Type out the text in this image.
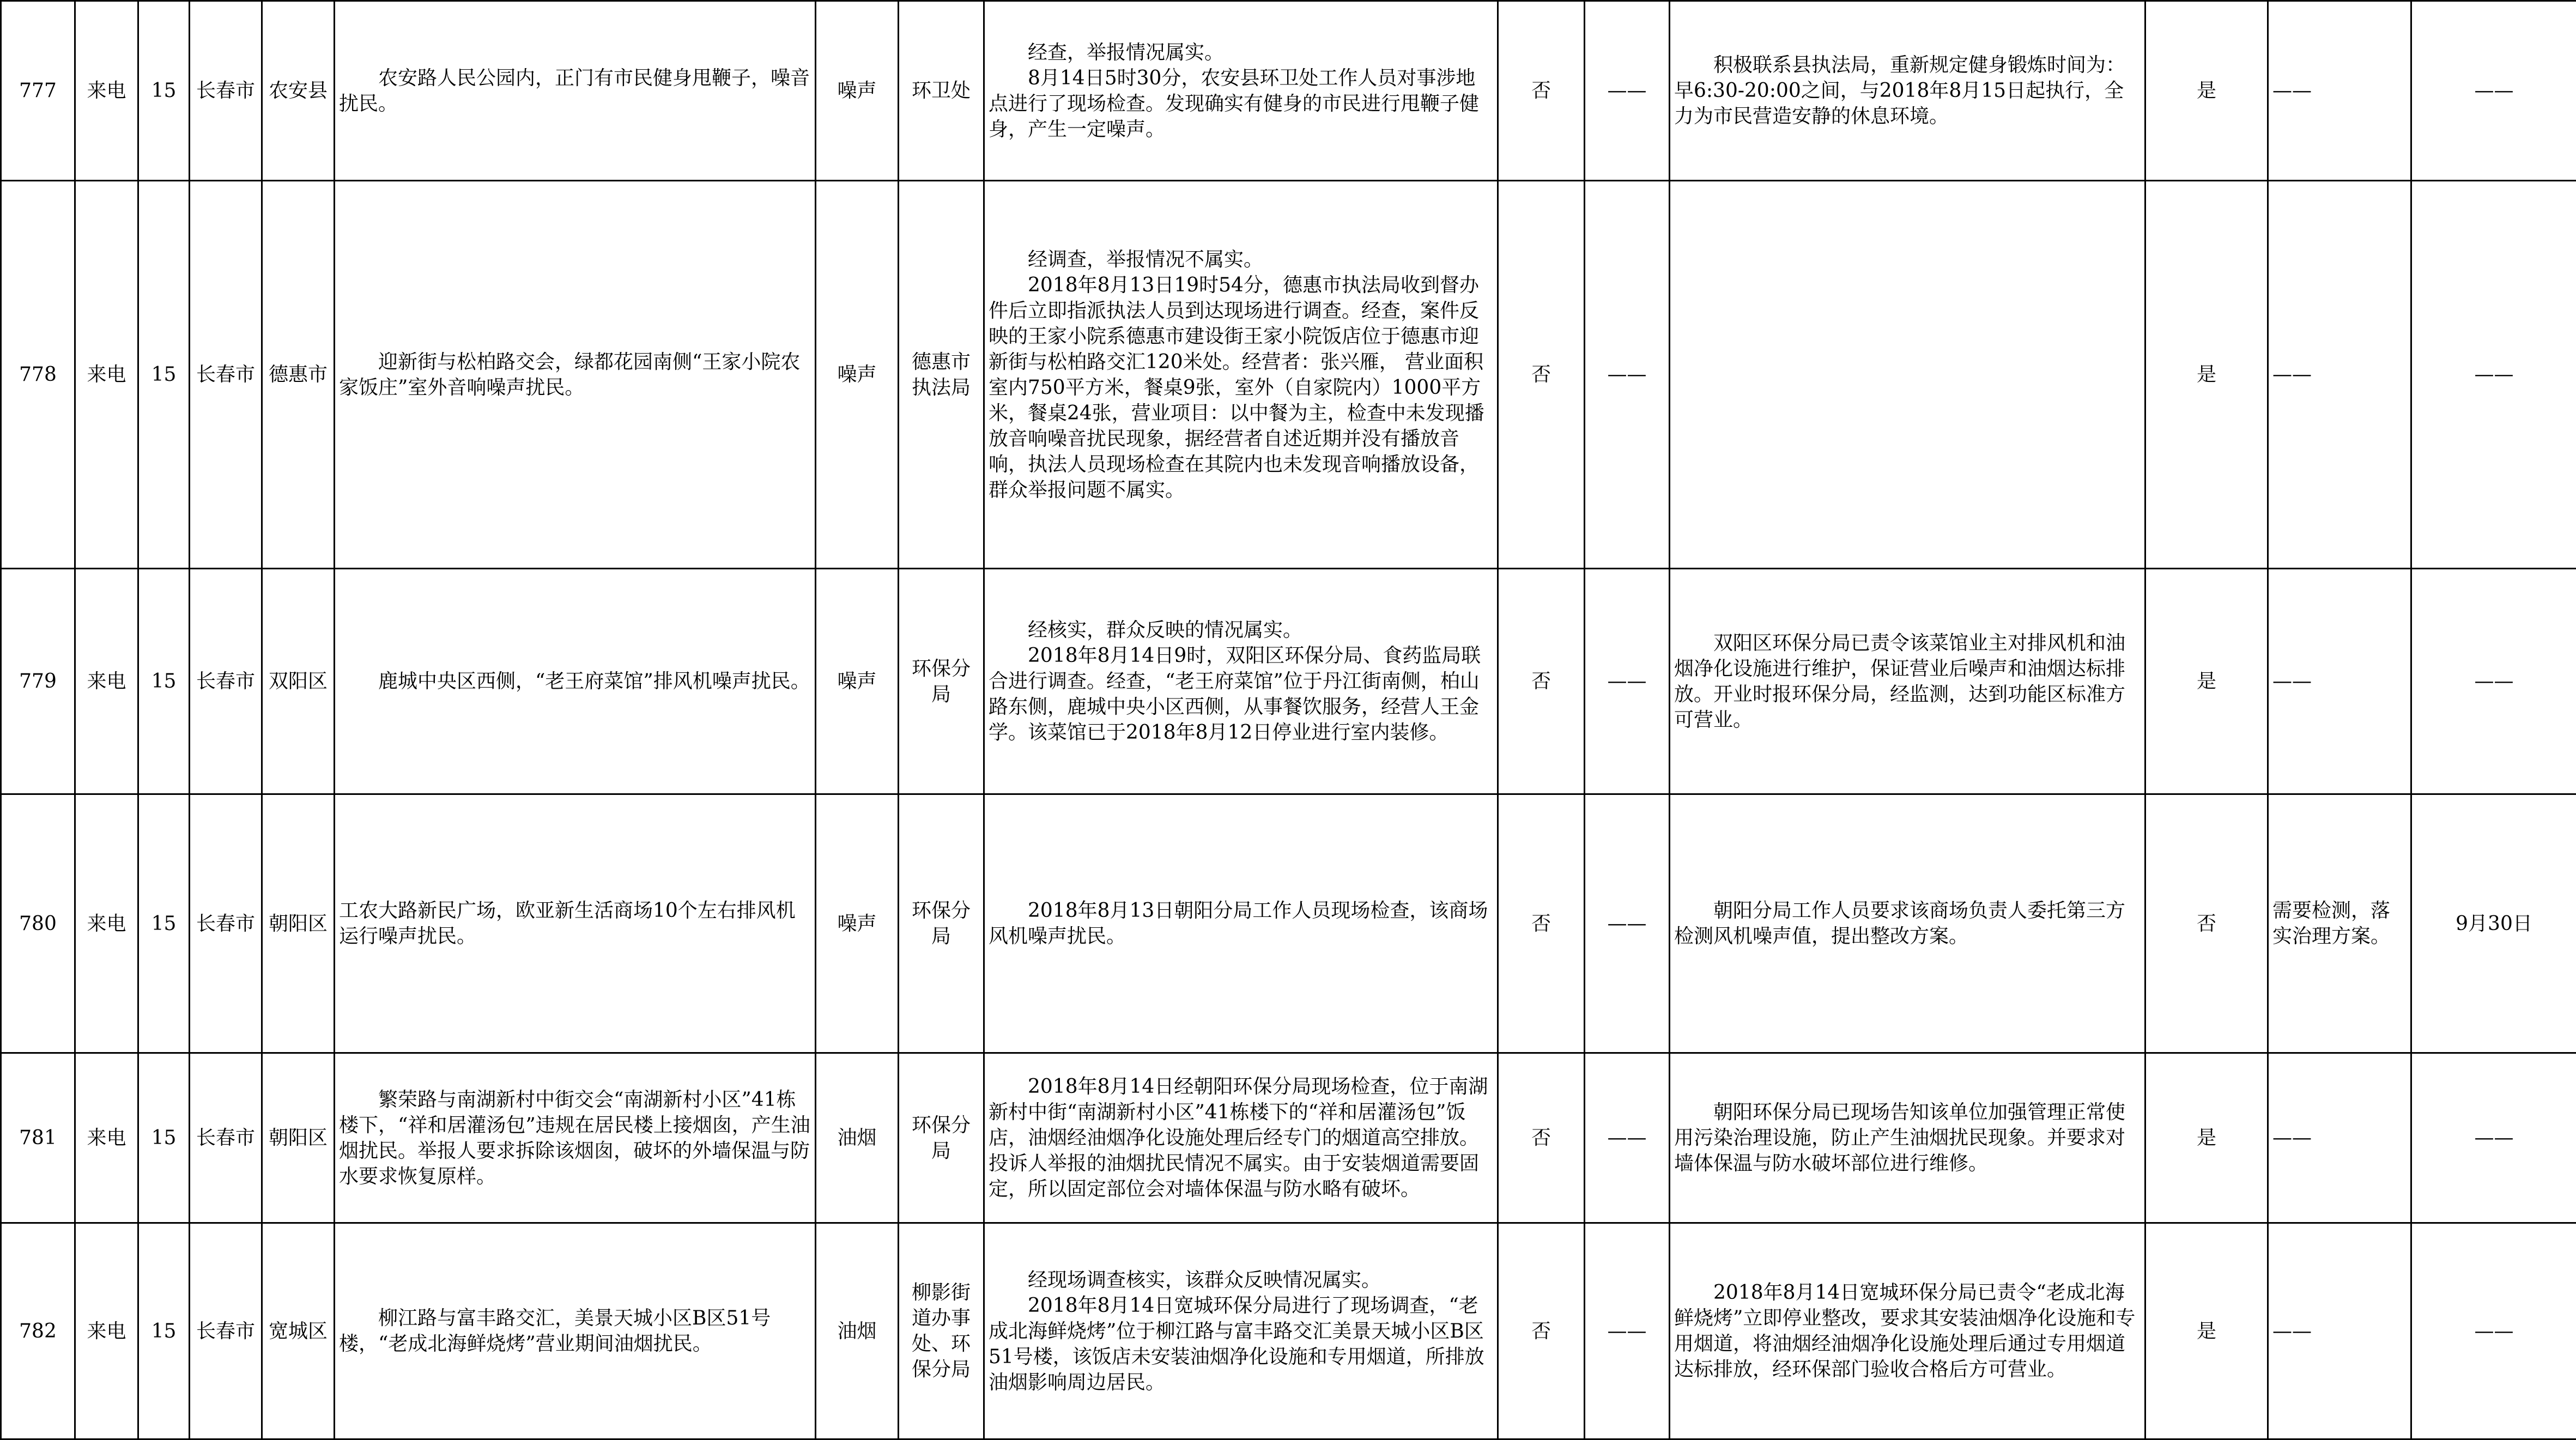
777	来电	15	长春市	农安县	农安路人民公园内，正门有市民健身甩鞭子，噪音扰民。	噪声	环卫处	经查，举报情况属实。
8月14日5时30分，农安县环卫处工作人员对事涉地点进行了现场检查。发现确实有健身的市民进行甩鞭子健身，产生一定噪声。	否	——	积极联系县执法局，重新规定健身锻炼时间为：早6:30-20:00之间，与2018年8月15日起执行，全力为市民营造安静的休息环境。	是	——	——
778	来电	15	长春市	德惠市	迎新街与松柏路交会，绿都花园南侧“王家小院农家饭庄”室外音响噪声扰民。	噪声	德惠市执法局	经调查，举报情况不属实。
2018年8月13日19时54分，德惠市执法局收到督办件后立即指派执法人员到达现场进行调查。经查，案件反映的王家小院系德惠市建设街王家小院饭店位于德惠市迎新街与松柏路交汇120米处。经营者：张兴雁， 营业面积室内750平方米，餐桌9张，室外（自家院内）1000平方米，餐桌24张，营业项目：以中餐为主，检查中未发现播放音响噪音扰民现象，据经营者自述近期并没有播放音响，执法人员现场检查在其院内也未发现音响播放设备，群众举报问题不属实。	否	——		是	——	——
779	来电	15	长春市	双阳区	鹿城中央区西侧，“老王府菜馆”排风机噪声扰民。	噪声	环保分局	经核实，群众反映的情况属实。
2018年8月14日9时，双阳区环保分局、食药监局联合进行调查。经查，“老王府菜馆”位于丹江街南侧，柏山路东侧，鹿城中央小区西侧，从事餐饮服务，经营人王金学。该菜馆已于2018年8月12日停业进行室内装修。	否	——	双阳区环保分局已责令该菜馆业主对排风机和油烟净化设施进行维护，保证营业后噪声和油烟达标排放。开业时报环保分局，经监测，达到功能区标准方可营业。	是	——	——
780	来电	15	长春市	朝阳区	工农大路新民广场，欧亚新生活商场10个左右排风机运行噪声扰民。	噪声	环保分局	2018年8月13日朝阳分局工作人员现场检查，该商场风机噪声扰民。	否	——	朝阳分局工作人员要求该商场负责人委托第三方检测风机噪声值，提出整改方案。	否	需要检测，落实治理方案。	9月30日
781	来电	15	长春市	朝阳区	繁荣路与南湖新村中街交会“南湖新村小区”41栋楼下，“祥和居灌汤包”违规在居民楼上接烟囱，产生油烟扰民。举报人要求拆除该烟囱，破坏的外墙保温与防水要求恢复原样。	油烟	环保分局	2018年8月14日经朝阳环保分局现场检查，位于南湖新村中街“南湖新村小区”41栋楼下的“祥和居灌汤包”饭店，油烟经油烟净化设施处理后经专门的烟道高空排放。投诉人举报的油烟扰民情况不属实。由于安装烟道需要固定，所以固定部位会对墙体保温与防水略有破坏。	否	——	朝阳环保分局已现场告知该单位加强管理正常使用污染治理设施，防止产生油烟扰民现象。并要求对墙体保温与防水破坏部位进行维修。	是	——	——
782	来电	15	长春市	宽城区	柳江路与富丰路交汇，美景天城小区B区51号楼，“老成北海鲜烧烤”营业期间油烟扰民。	油烟	柳影街道办事处、环保分局	经现场调查核实，该群众反映情况属实。
2018年8月14日宽城环保分局进行了现场调查，“老成北海鲜烧烤”位于柳江路与富丰路交汇美景天城小区B区51号楼，该饭店未安装油烟净化设施和专用烟道，所排放油烟影响周边居民。	否	——	2018年8月14日宽城环保分局已责令“老成北海鲜烧烤”立即停业整改，要求其安装油烟净化设施和专用烟道，将油烟经油烟净化设施处理后通过专用烟道达标排放，经环保部门验收合格后方可营业。	是	——	——
